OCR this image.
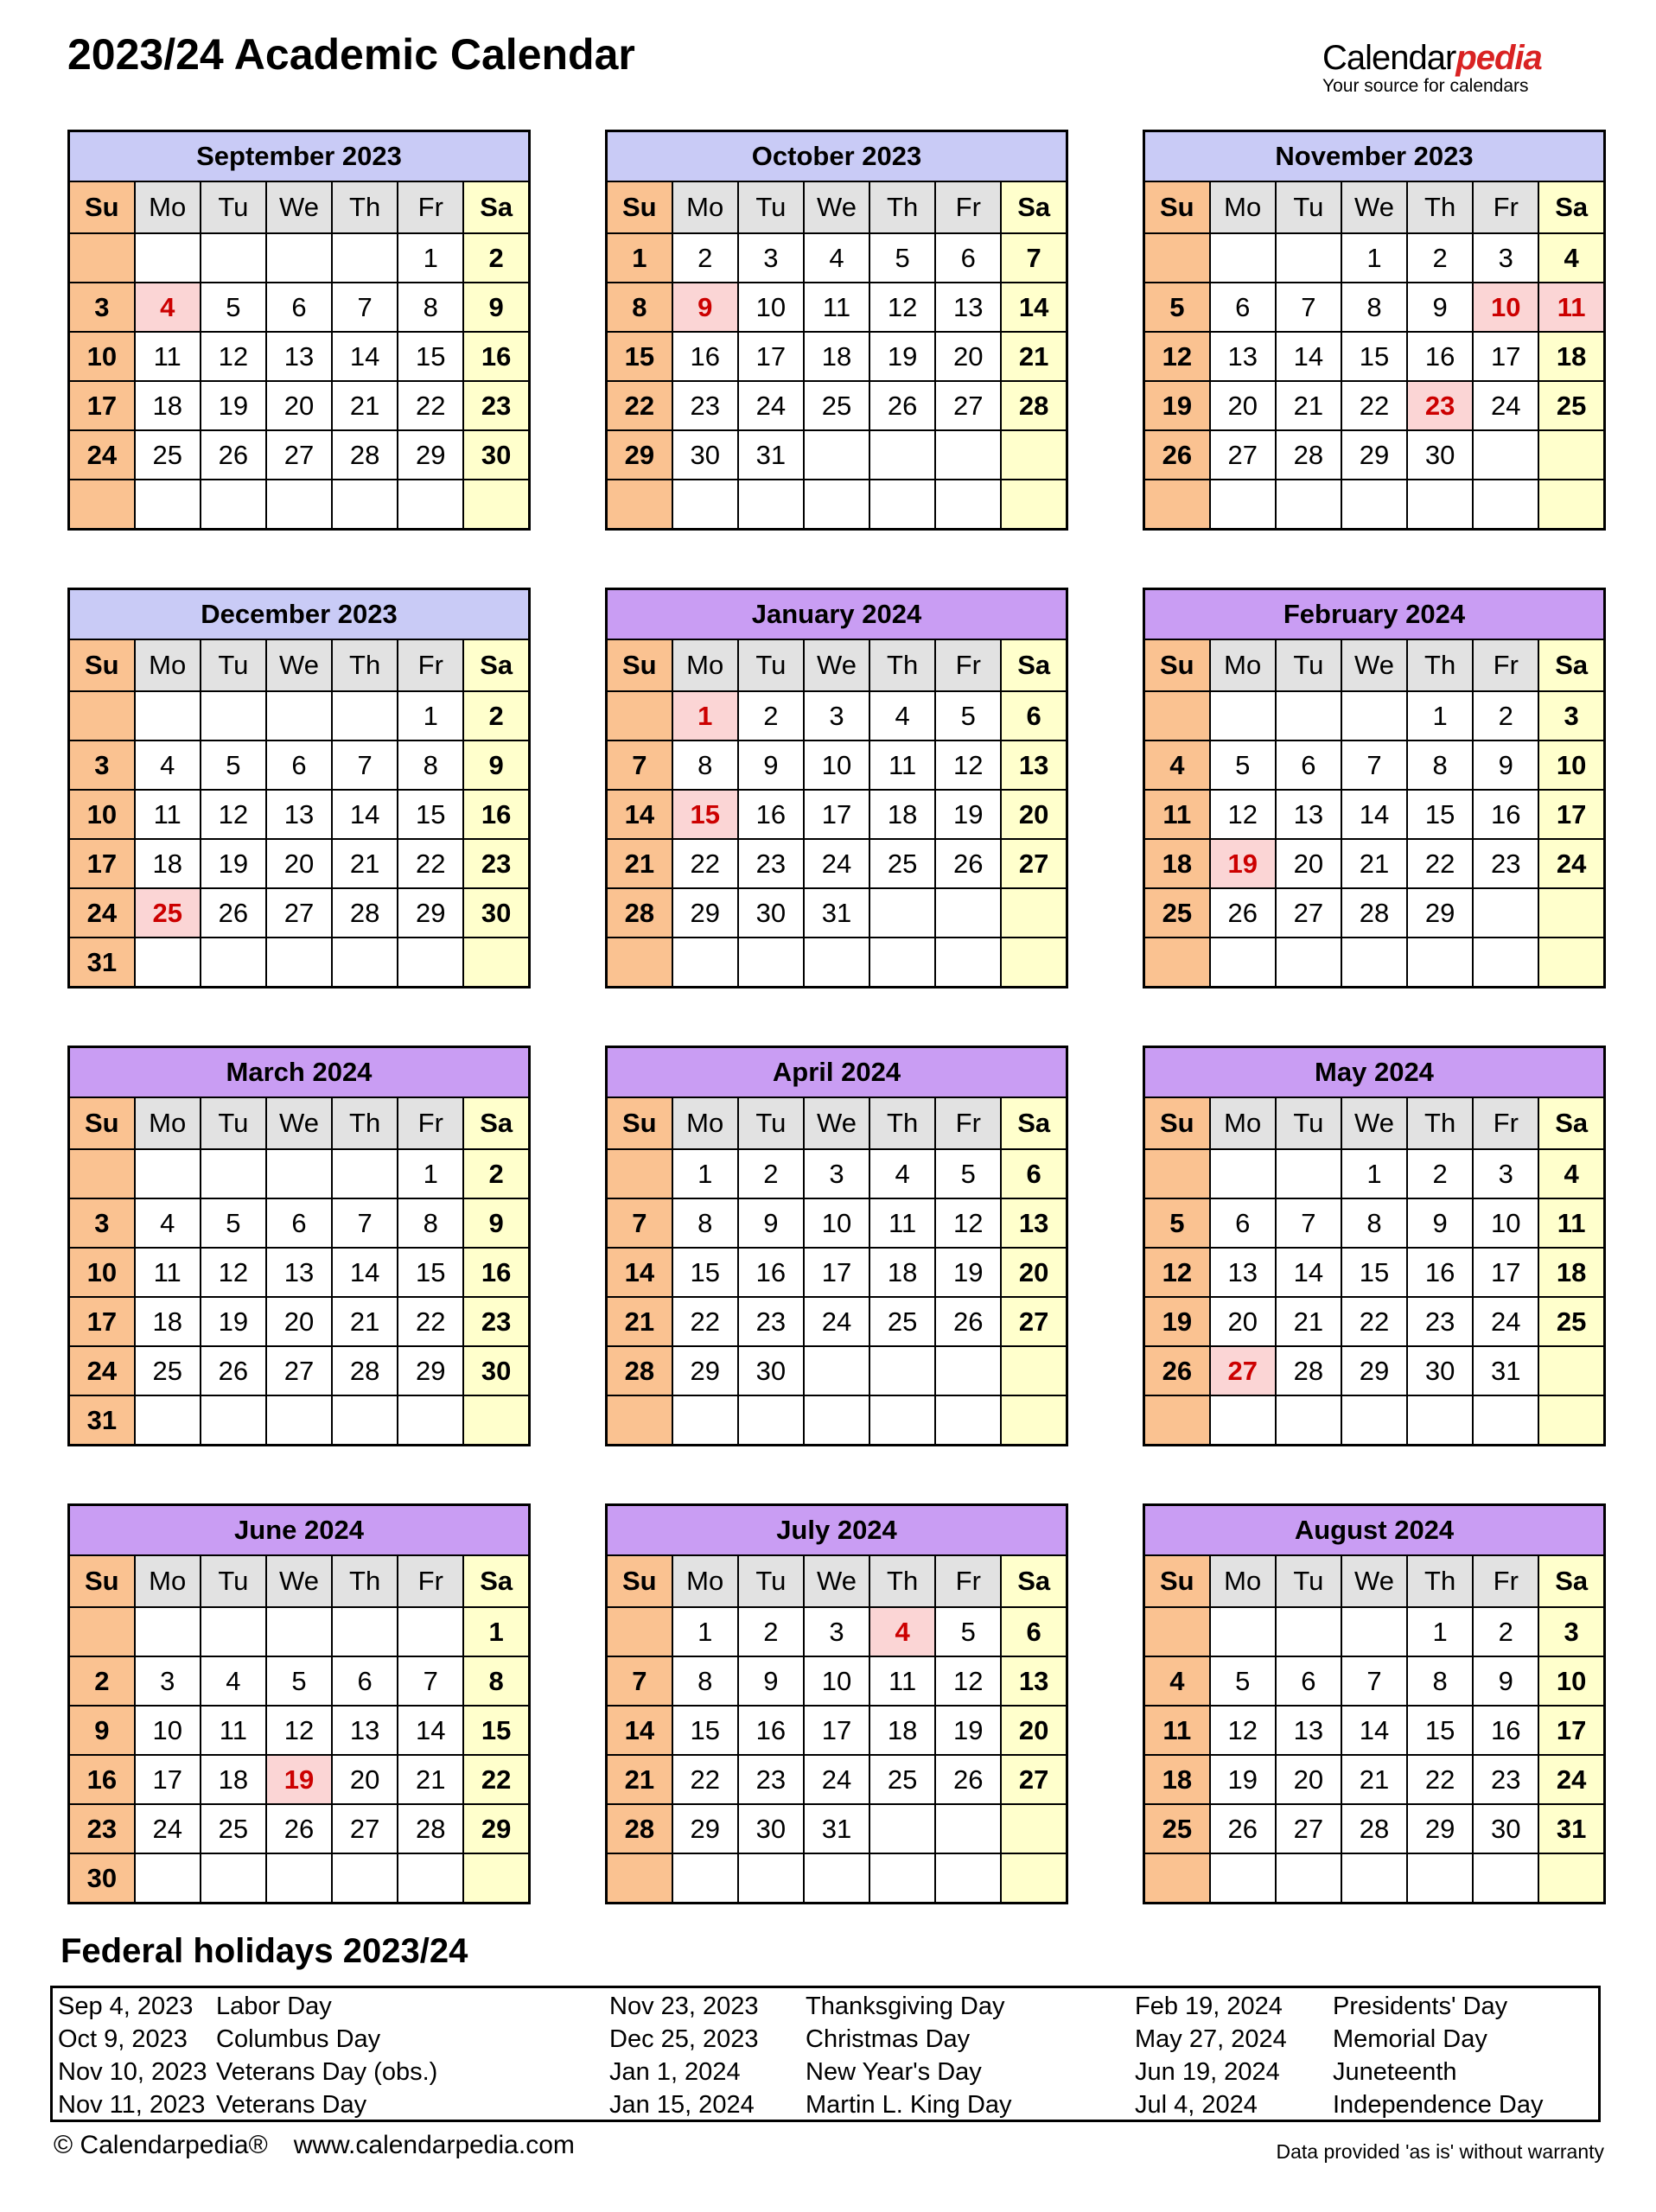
2023/24 Academic Calendar	Calendarpedia
Your source for calendars
September 2023						
Su	Mo	Tu	We	Th	Fr	Sa
					1	2
3	4	5	6	7	8	9
10	11	12	13	14	15	16
17	18	19	20	21	22	23
24	25	26	27	28	29	30

October 2023						
Su	Mo	Tu	We	Th	Fr	Sa
1	2	3	4	5	6	7
8	9	10	11	12	13	14
15	16	17	18	19	20	21
22	23	24	25	26	27	28
29	30	31				

November 2023						
Su	Mo	Tu	We	Th	Fr	Sa
			1	2	3	4
5	6	7	8	9	10	11
12	13	14	15	16	17	18
19	20	21	22	23	24	25
26	27	28	29	30		

December 2023						
Su	Mo	Tu	We	Th	Fr	Sa
					1	2
3	4	5	6	7	8	9
10	11	12	13	14	15	16
17	18	19	20	21	22	23
24	25	26	27	28	29	30
31						
January 2024						
Su	Mo	Tu	We	Th	Fr	Sa
	1	2	3	4	5	6
7	8	9	10	11	12	13
14	15	16	17	18	19	20
21	22	23	24	25	26	27
28	29	30	31			

February 2024						
Su	Mo	Tu	We	Th	Fr	Sa
				1	2	3
4	5	6	7	8	9	10
11	12	13	14	15	16	17
18	19	20	21	22	23	24
25	26	27	28	29		

March 2024						
Su	Mo	Tu	We	Th	Fr	Sa
					1	2
3	4	5	6	7	8	9
10	11	12	13	14	15	16
17	18	19	20	21	22	23
24	25	26	27	28	29	30
31						
April 2024						
Su	Mo	Tu	We	Th	Fr	Sa
	1	2	3	4	5	6
7	8	9	10	11	12	13
14	15	16	17	18	19	20
21	22	23	24	25	26	27
28	29	30				

May 2024						
Su	Mo	Tu	We	Th	Fr	Sa
			1	2	3	4
5	6	7	8	9	10	11
12	13	14	15	16	17	18
19	20	21	22	23	24	25
26	27	28	29	30	31	

June 2024						
Su	Mo	Tu	We	Th	Fr	Sa
						1
2	3	4	5	6	7	8
9	10	11	12	13	14	15
16	17	18	19	20	21	22
23	24	25	26	27	28	29
30						
July 2024						
Su	Mo	Tu	We	Th	Fr	Sa
	1	2	3	4	5	6
7	8	9	10	11	12	13
14	15	16	17	18	19	20
21	22	23	24	25	26	27
28	29	30	31			

August 2024						
Su	Mo	Tu	We	Th	Fr	Sa
				1	2	3
4	5	6	7	8	9	10
11	12	13	14	15	16	17
18	19	20	21	22	23	24
25	26	27	28	29	30	31

Federal holidays 2023/24
Sep 4, 2023 Labor Day	Nov 23, 2023	Thanksgiving Day	Feb 19, 2024	Presidents' Day
Oct 9, 2023	Columbus Day	Dec 25, 2023	Christmas Day	May 27, 2024	Memorial Day
Nov 10, 2023 Veterans Day (obs.)	Jan 1, 2024	New Year's Day	Jun 19, 2024	Juneteenth
Nov 11, 2023 Veterans Day	Jan 15, 2024	Martin L. King Day	Jul 4, 2024	Independence Day
© Calendarpedia® www.calendarpedia.com	Data provided 'as is' without warranty
